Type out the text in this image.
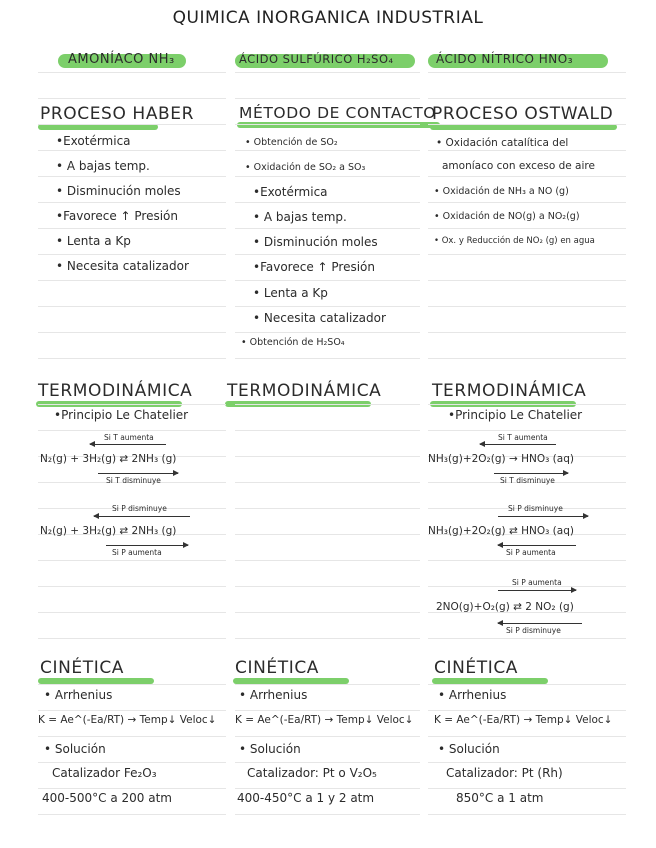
QUIMICA INORGANICA INDUSTRIAL
AMONÍACO NH₃
PROCESO HABER
•Exotérmica
• A bajas temp.
• Disminución moles
•Favorece ↑ Presión
• Lenta a Kp
• Necesita catalizador
TERMODINÁMICA
•Principio Le Chatelier
Si T aumenta
N₂(g) + 3H₂(g) ⇄ 2NH₃ (g)
Si T disminuye
Si P disminuye
N₂(g) + 3H₂(g) ⇄ 2NH₃ (g)
Si P aumenta
CINÉTICA
• Arrhenius
K = Ae^(-Ea/RT) → Temp↓ Veloc↓
• Solución
Catalizador Fe₂O₃
400-500°C a 200 atm
ÁCIDO SULFÚRICO H₂SO₄
MÉTODO DE CONTACTO
• Obtención de SO₂
• Oxidación de SO₂ a SO₃
•Exotérmica
• A bajas temp.
• Disminución moles
•Favorece ↑ Presión
• Lenta a Kp
• Necesita catalizador
• Obtención de H₂SO₄
TERMODINÁMICA
CINÉTICA
• Arrhenius
K = Ae^(-Ea/RT) → Temp↓ Veloc↓
• Solución
Catalizador: Pt o V₂O₅
400-450°C a 1 y 2 atm
ÁCIDO NÍTRICO HNO₃
PROCESO OSTWALD
• Oxidación catalítica del
amoníaco con exceso de aire
• Oxidación de NH₃ a NO (g)
• Oxidación de NO(g) a NO₂(g)
• Ox. y Reducción de NO₂ (g) en agua
TERMODINÁMICA
•Principio Le Chatelier
Si T aumenta
NH₃(g)+2O₂(g) → HNO₃ (aq)
Si T disminuye
Si P disminuye
NH₃(g)+2O₂(g) ⇄ HNO₃ (aq)
Si P aumenta
Si P aumenta
2NO(g)+O₂(g) ⇄ 2 NO₂ (g)
Si P disminuye
CINÉTICA
• Arrhenius
K = Ae^(-Ea/RT) → Temp↓ Veloc↓
• Solución
Catalizador: Pt (Rh)
850°C a 1 atm
